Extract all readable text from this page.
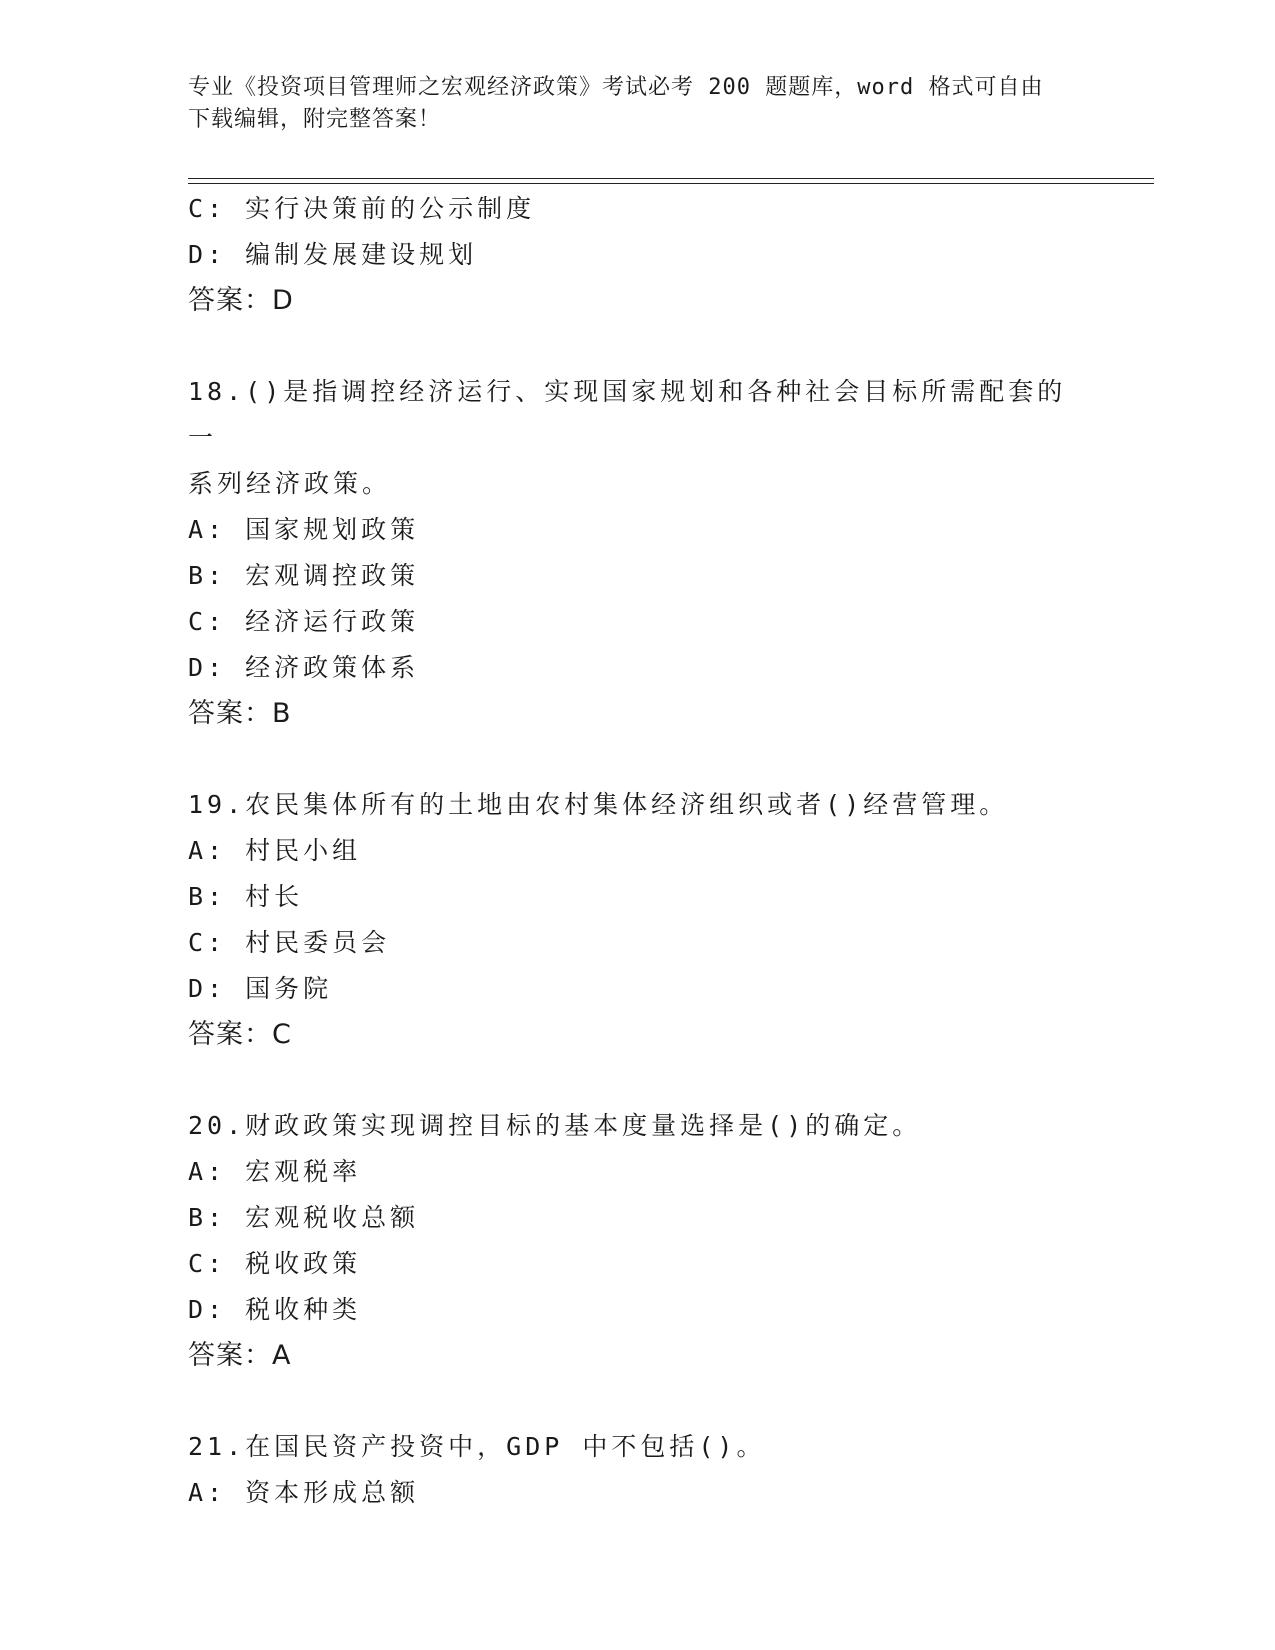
专业《投资项目管理师之宏观经济政策》考试必考 200 题题库，word 格式可自由
下载编辑，附完整答案！
C: 实行决策前的公示制度
D: 编制发展建设规划
答案：D
18.()是指调控经济运行、实现国家规划和各种社会目标所需配套的一
系列经济政策。
A: 国家规划政策
B: 宏观调控政策
C: 经济运行政策
D: 经济政策体系
答案：B
19.农民集体所有的土地由农村集体经济组织或者()经营管理。
A: 村民小组
B: 村长
C: 村民委员会
D: 国务院
答案：C
20.财政政策实现调控目标的基本度量选择是()的确定。
A: 宏观税率
B: 宏观税收总额
C: 税收政策
D: 税收种类
答案：A
21.在国民资产投资中，GDP 中不包括()。
A: 资本形成总额
